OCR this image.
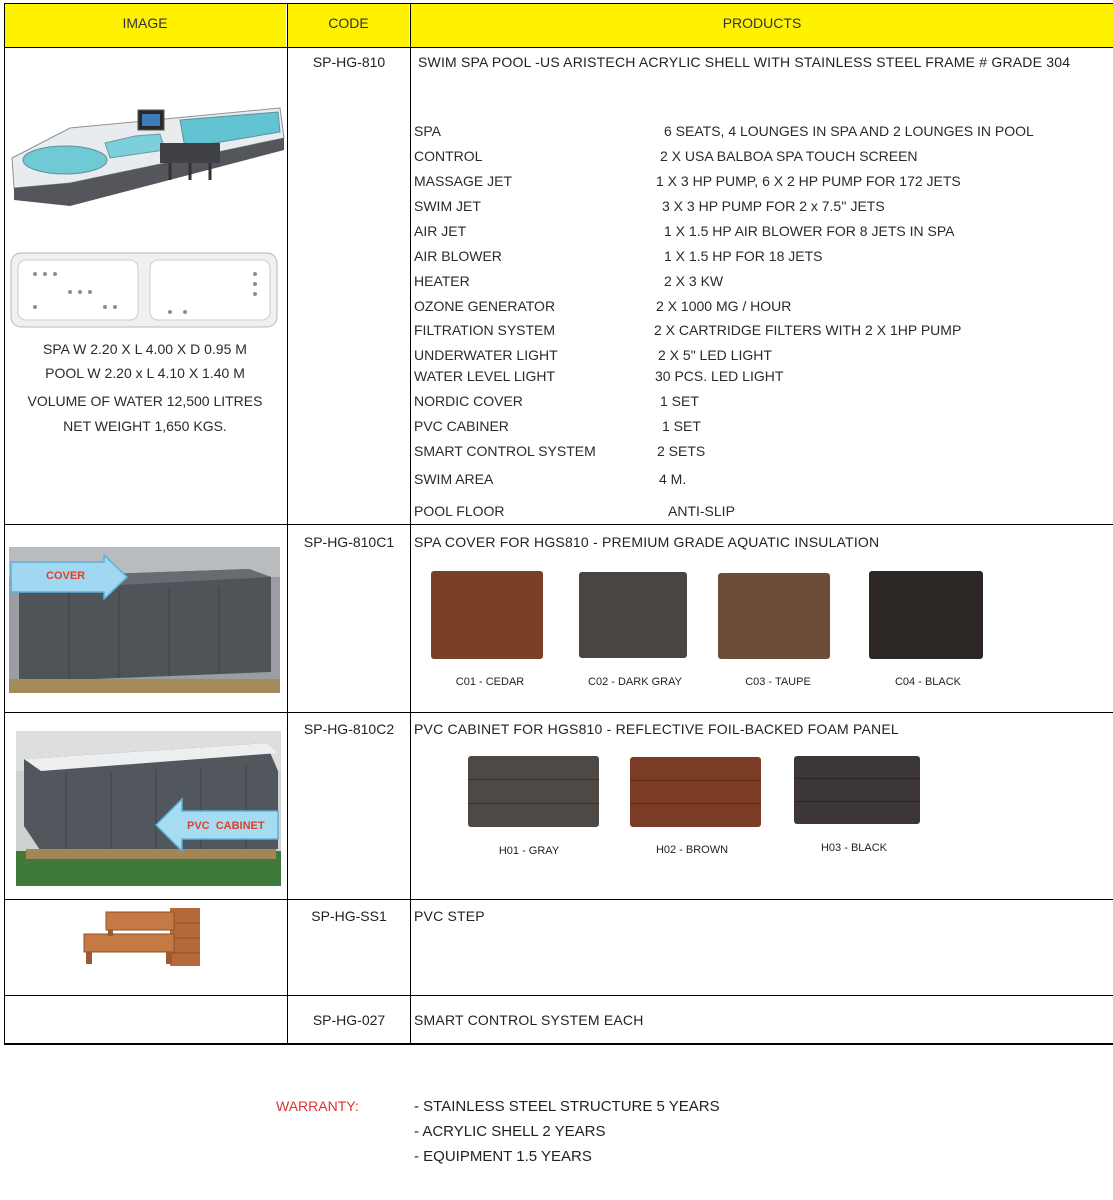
IMAGE	CODE	PRODUCTS
SP-HG-810	SWIM SPA POOL -US ARISTECH ACRYLIC SHELL WITH STAINLESS STEEL FRAME # GRADE 304
SPA W 2.20 X L 4.00 X D 0.95 M
POOL W 2.20 x L 4.10 X 1.40 M
VOLUME OF WATER 12,500 LITRES
NET WEIGHT 1,650 KGS.
SPA	6 SEATS, 4 LOUNGES IN SPA AND 2 LOUNGES IN POOL
CONTROL	2 X USA BALBOA SPA TOUCH SCREEN
MASSAGE JET	1 X 3 HP PUMP, 6 X 2 HP PUMP FOR 172 JETS
SWIM JET	3 X 3 HP PUMP FOR 2 x 7.5'' JETS
AIR JET	1 X 1.5 HP AIR BLOWER FOR 8 JETS IN SPA
AIR BLOWER	1 X 1.5 HP FOR 18 JETS
HEATER	2 X 3 KW
OZONE GENERATOR	2 X 1000 MG / HOUR
FILTRATION SYSTEM	2 X CARTRIDGE FILTERS WITH 2 X 1HP PUMP
UNDERWATER LIGHT	2 X 5" LED LIGHT
WATER LEVEL LIGHT	30 PCS. LED LIGHT
NORDIC COVER	1 SET
PVC CABINER	1 SET
SMART CONTROL SYSTEM	2 SETS
SWIM AREA	4 M.
POOL FLOOR	ANTI-SLIP
COVER
SP-HG-810C1	SPA COVER FOR HGS810 - PREMIUM GRADE AQUATIC INSULATION
C01 - CEDAR	C02 - DARK GRAY	C03 - TAUPE	C04 - BLACK
PVC  CABINET
SP-HG-810C2	PVC CABINET FOR HGS810 - REFLECTIVE FOIL-BACKED FOAM PANEL
H01 - GRAY	H02 - BROWN	H03 - BLACK
SP-HG-SS1	PVC STEP
SP-HG-027	SMART CONTROL SYSTEM EACH
WARRANTY:	- STAINLESS STEEL STRUCTURE 5 YEARS
- ACRYLIC SHELL 2 YEARS
- EQUIPMENT 1.5 YEARS
